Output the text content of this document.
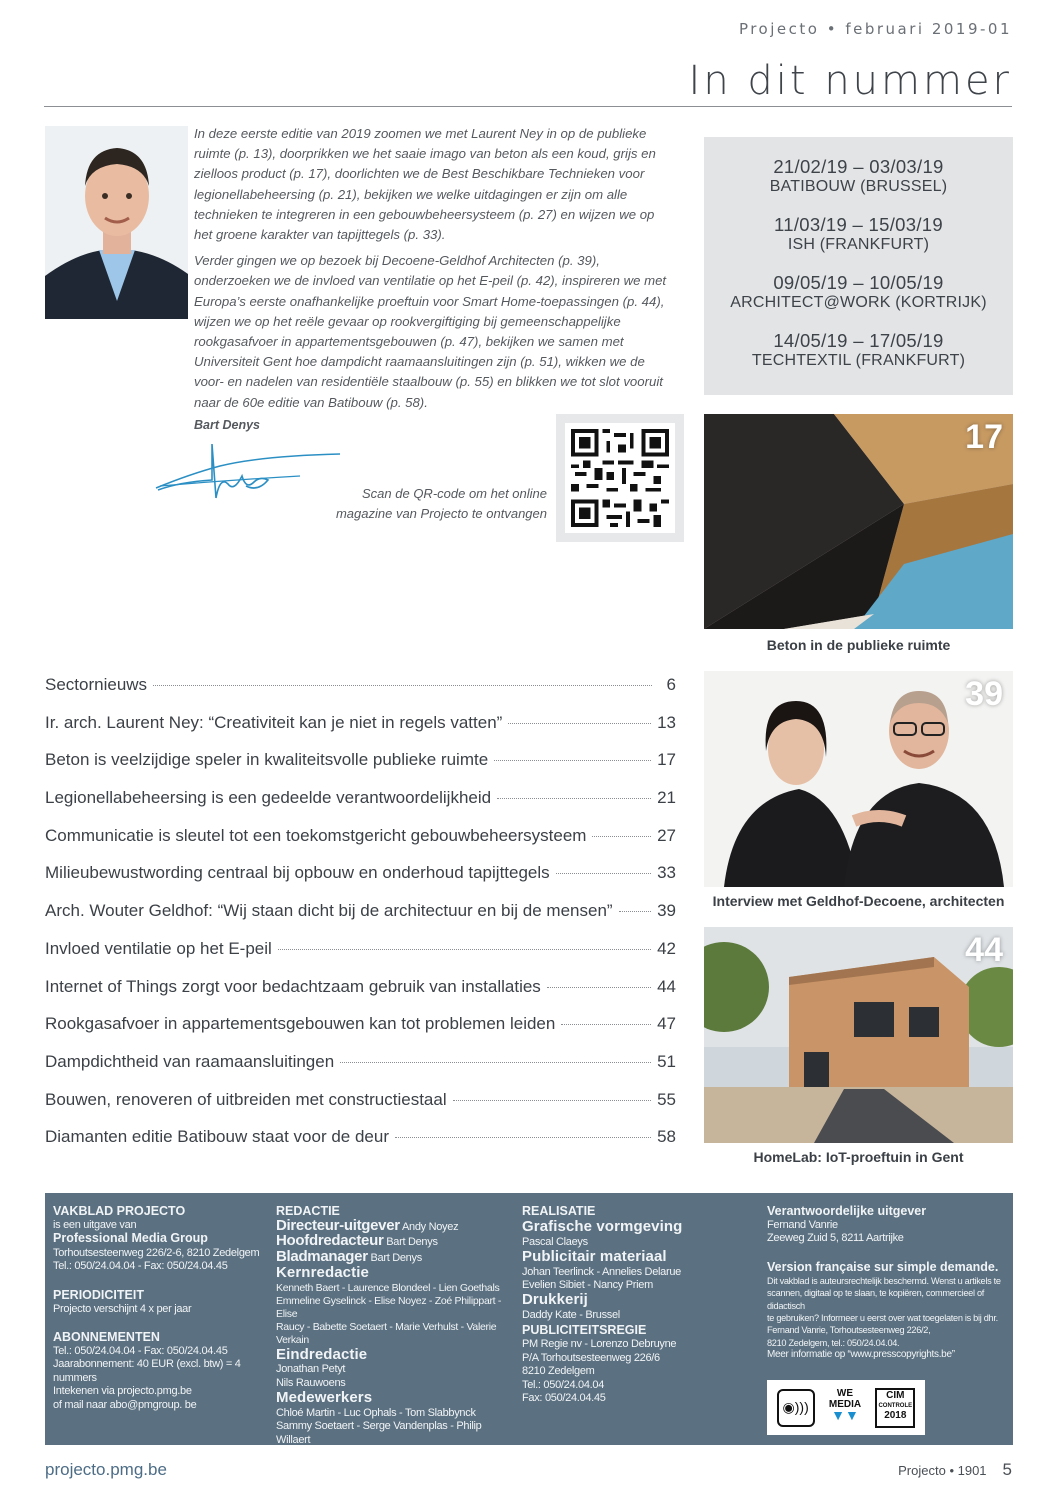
Projecto • februari 2019-01
In dit nummer

In deze eerste editie van 2019 zoomen we met Laurent Ney in op de publieke ruimte (p. 13), doorprikken we het saaie imago van beton als een koud, grijs en zielloos product (p. 17), doorlichten we de Best Beschikbare Technieken voor legionellabeheersing (p. 21), bekijken we welke uitdagingen er zijn om alle technieken te integreren in een gebouwbeheersysteem (p. 27) en wijzen we op het groene karakter van tapijttegels (p. 33).

Verder gingen we op bezoek bij Decoene-Geldhof Architecten (p. 39), onderzoeken we de invloed van ventilatie op het E-peil (p. 42), inspireren we met Europa’s eerste onafhankelijke proeftuin voor Smart Home-toepassingen (p. 44), wijzen we op het reële gevaar op rookvergiftiging bij gemeenschappelijke rookgasafvoer in appartementsgebouwen (p. 47), bekijken we samen met Universiteit Gent hoe dampdicht raamaansluitingen zijn (p. 51), wikken we de voor- en nadelen van residentiële staalbouw (p. 55) en blikken we tot slot vooruit naar de 60e editie van Batibouw (p. 58).

Bart Denys
Scan de QR-code om het online
magazine van Projecto te ontvangen
21/02/19 – 03/03/19
BATIBOUW (BRUSSEL)
11/03/19 – 15/03/19
ISH (FRANKFURT)
09/05/19 – 10/05/19
ARCHITECT@WORK (KORTRIJK)
14/05/19 – 17/05/19
TECHTEXTIL (FRANKFURT)
17
Beton in de publieke ruimte
39
Interview met Geldhof-Decoene, architecten
44
HomeLab: IoT-proeftuin in Gent
Sectornieuws	6
Ir. arch. Laurent Ney: “Creativiteit kan je niet in regels vatten”	13
Beton is veelzijdige speler in kwaliteitsvolle publieke ruimte	17
Legionellabeheersing is een gedeelde verantwoordelijkheid	21
Communicatie is sleutel tot een toekomstgericht gebouwbeheersysteem	27
Milieubewustwording centraal bij opbouw en onderhoud tapijttegels	33
Arch. Wouter Geldhof: “Wij staan dicht bij de architectuur en bij de mensen”	39
Invloed ventilatie op het E-peil	42
Internet of Things zorgt voor bedachtzaam gebruik van installaties	44
Rookgasafvoer in appartementsgebouwen kan tot problemen leiden	47
Dampdichtheid van raamaansluitingen	51
Bouwen, renoveren of uitbreiden met constructiestaal	55
Diamanten editie Batibouw staat voor de deur	58
VAKBLAD PROJECTO
is een uitgave van
Professional Media Group
Torhoutsesteenweg 226/2-6, 8210 Zedelgem
Tel.: 050/24.04.04 - Fax: 050/24.04.45
PERIODICITEIT
Projecto verschijnt 4 x per jaar
ABONNEMENTEN
Tel.: 050/24.04.04 - Fax: 050/24.04.45
Jaarabonnement: 40 EUR (excl. btw) = 4 nummers
Intekenen via projecto.pmg.be
of mail naar abo@pmgroup. be
REDACTIE
Directeur-uitgever Andy Noyez
Hoofdredacteur Bart Denys
Bladmanager Bart Denys
Kernredactie
Kenneth Baert - Laurence Blondeel - Lien Goethals
Emmeline Gyselinck - Elise Noyez - Zoé Philippart - Elise
Raucy - Babette Soetaert - Marie Verhulst - Valerie Verkain
Eindredactie
Jonathan Petyt
Nils Rauwoens
Medewerkers
Chloé Martin - Luc Ophals - Tom Slabbynck
Sammy Soetaert - Serge Vandenplas - Philip Willaert
REALISATIE
Grafische vormgeving
Pascal Claeys
Publicitair materiaal
Johan Teerlinck - Annelies Delarue
Evelien Sibiet - Nancy Priem
Drukkerij
Daddy Kate - Brussel
PUBLICITEITSREGIE
PM Regie nv - Lorenzo Debruyne
P/A Torhoutsesteenweg 226/6
8210 Zedelgem
Tel.: 050/24.04.04
Fax: 050/24.04.45
Verantwoordelijke uitgever
Fernand Vanrie
Zeeweg Zuid 5, 8211 Aartrijke
Version française sur simple demande.
Dit vakblad is auteursrechtelijk beschermd. Wenst u artikels te
scannen, digitaal op te slaan, te kopiëren, commercieel of didactisch
te gebruiken? Informeer u eerst over wat toegelaten is bij dhr.
Fernand Vanrie, Torhoutsesteenweg 226/2,
8210 Zedelgem, tel.: 050/24.04.04.
Meer informatie op “www.presscopyrights.be”
◉)))
WE
MEDIA
▼▼
CIM
CONTROLE
2018
projecto.pmg.be	Projecto • 1901 5
